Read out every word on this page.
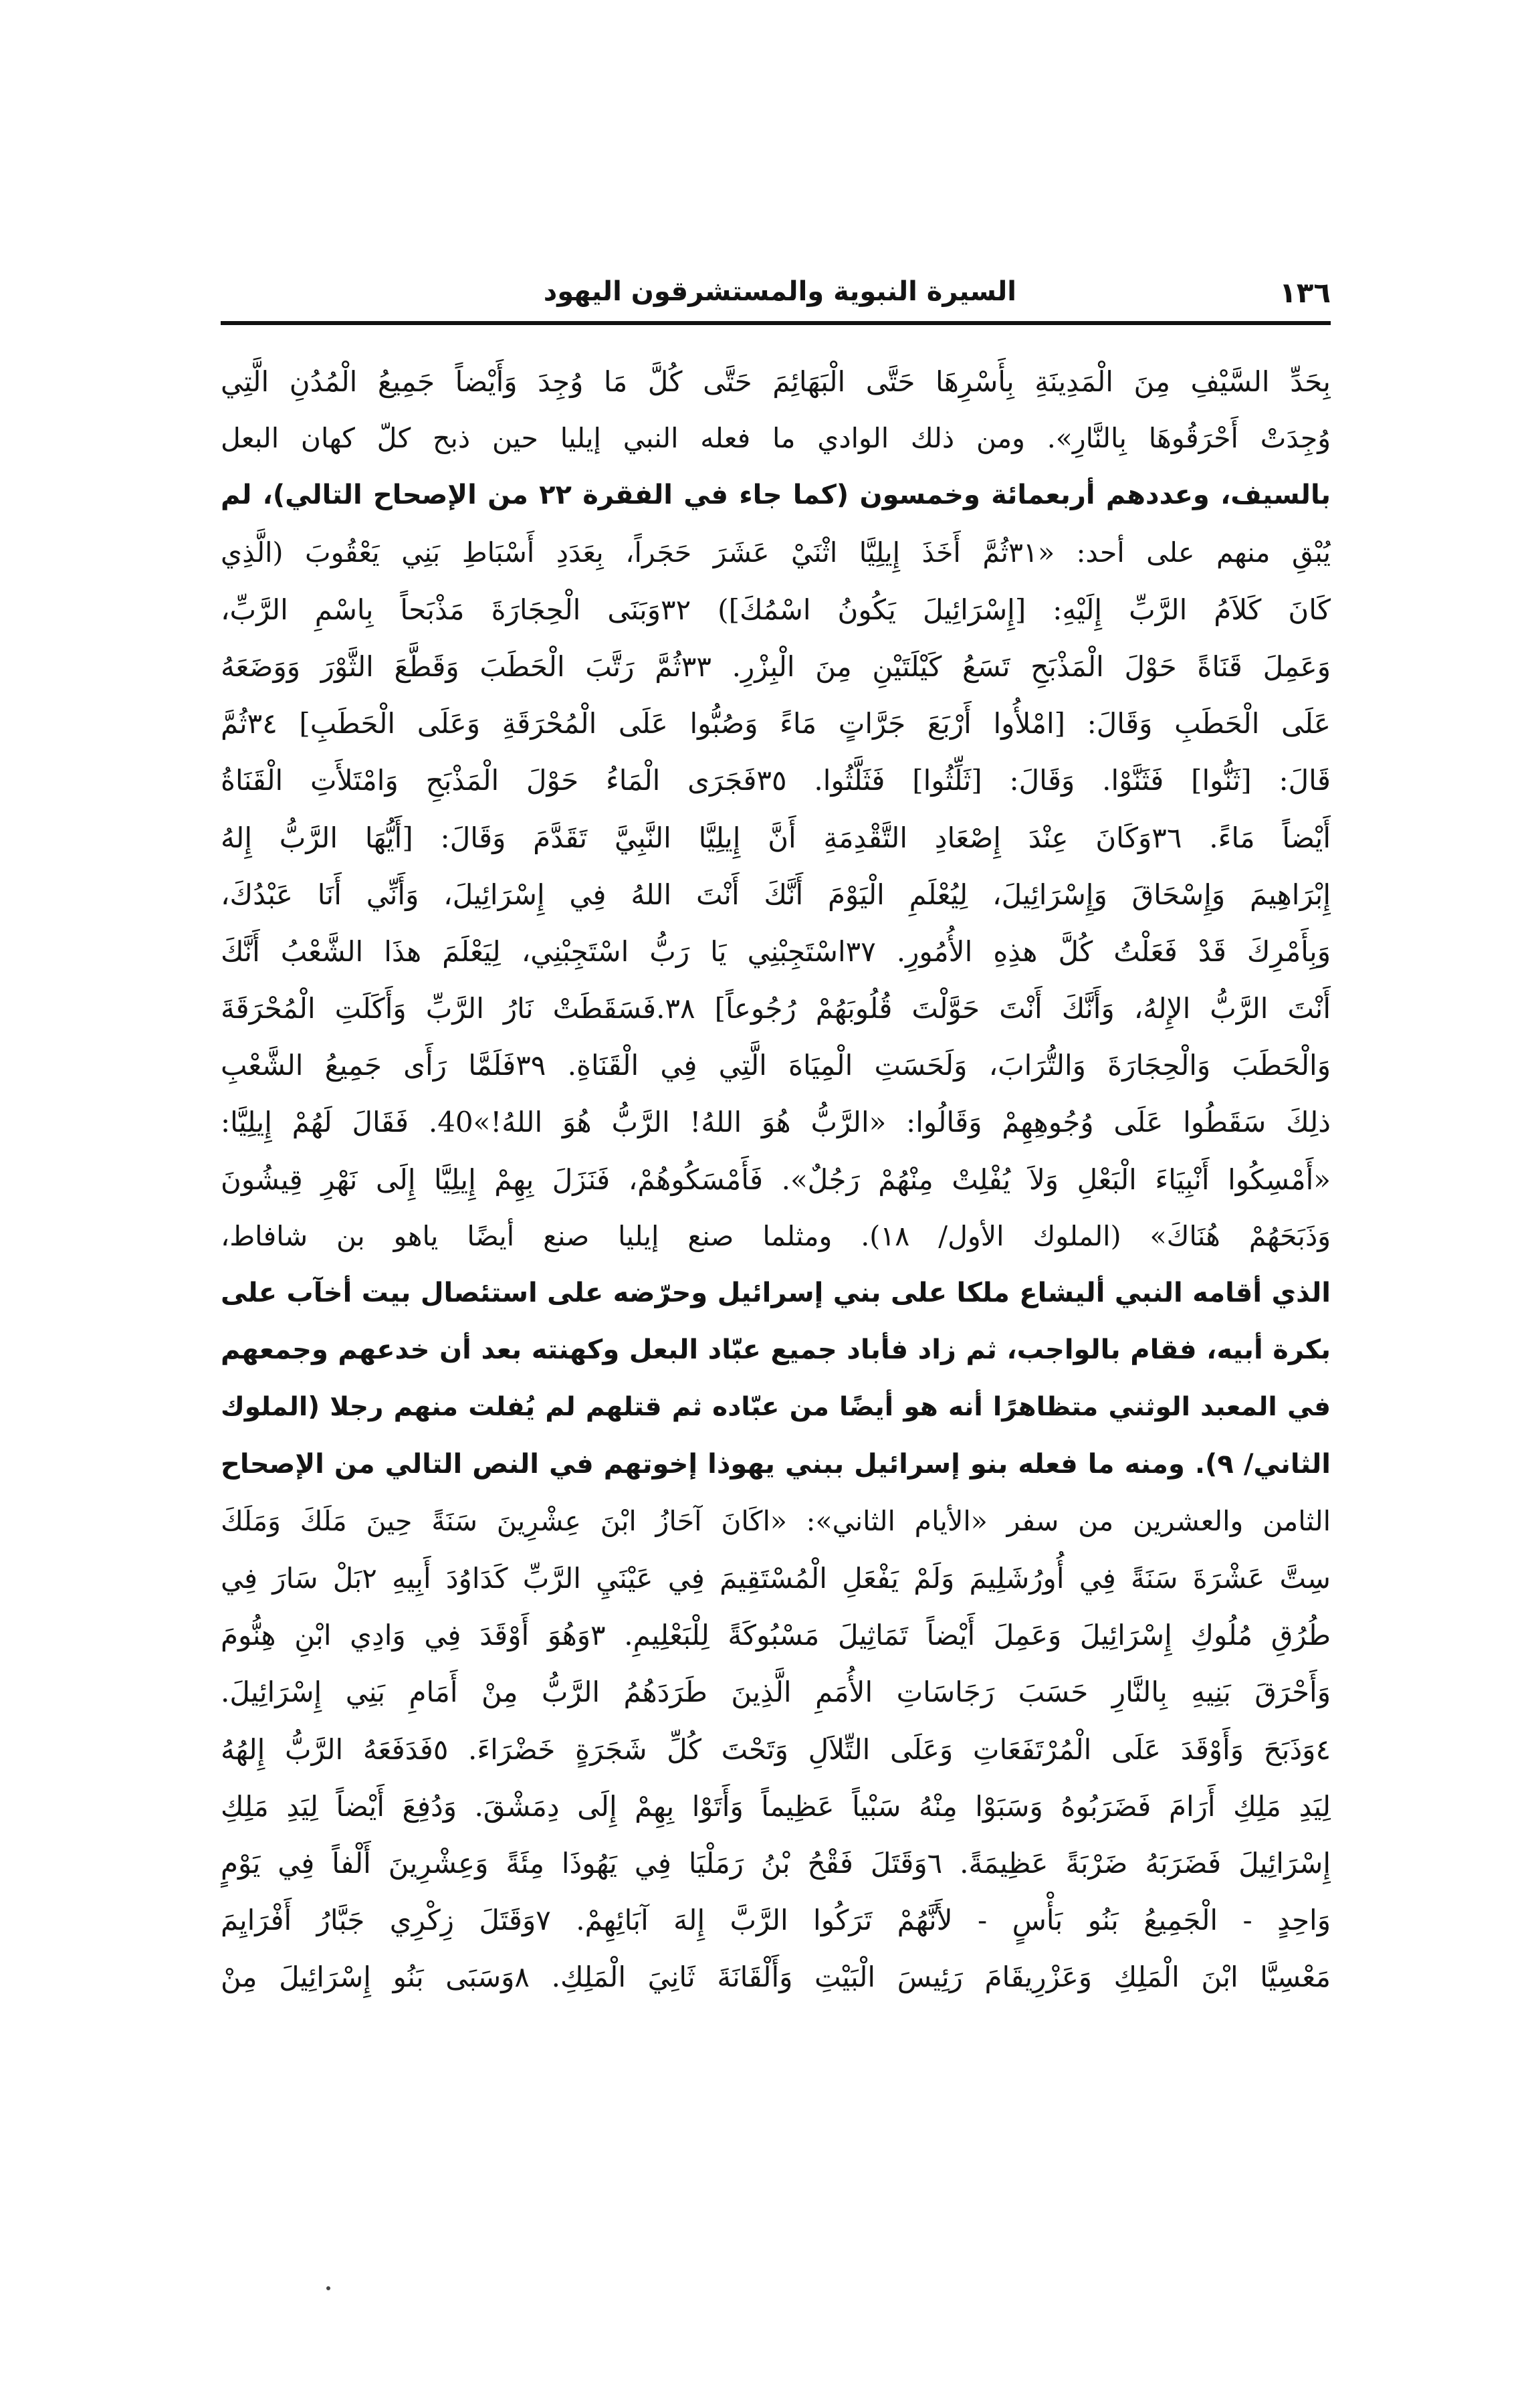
١٣٦
السيرة النبوية والمستشرقون اليهود
بِحَدِّ السَّيْفِ مِنَ الْمَدِينَةِ بِأَسْرِهَا حَتَّى الْبَهَائِمَ حَتَّى كُلَّ مَا وُجِدَ وَأَيْضاً جَمِيعُ الْمُدُنِ الَّتِي
وُجِدَتْ أَحْرَقُوهَا بِالنَّارِ». ومن ذلك الوادي ما فعله النبي إيليا حين ذبح كلّ كهان البعل
بالسيف، وعددهم أربعمائة وخمسون (كما جاء في الفقرة ٢٢ من الإصحاح التالي)، لم
يُبْقِ منهم على أحد: «٣١ثُمَّ أَخَذَ إِيلِيَّا اثْنَيْ عَشَرَ حَجَراً، بِعَدَدِ أَسْبَاطِ بَنِي يَعْقُوبَ (الَّذِي
كَانَ كَلاَمُ الرَّبِّ إِلَيْهِ: [إِسْرَائِيلَ يَكُونُ اسْمُكَ]) ٣٢وَبَنَى الْحِجَارَةَ مَذْبَحاً بِاسْمِ الرَّبِّ،
وَعَمِلَ قَنَاةً حَوْلَ الْمَذْبَحِ تَسَعُ كَيْلَتَيْنِ مِنَ الْبِزْرِ. ٣٣ثُمَّ رَتَّبَ الْحَطَبَ وَقَطَّعَ الثَّوْرَ وَوَضَعَهُ
عَلَى الْحَطَبِ وَقَالَ: [امْلأُوا أَرْبَعَ جَرَّاتٍ مَاءً وَصُبُّوا عَلَى الْمُحْرَقَةِ وَعَلَى الْحَطَبِ] ٣٤ثُمَّ
قَالَ: [ثَنُّوا] فَثَنَّوْا. وَقَالَ: [ثَلِّثُوا] فَثَلَّثُوا. ٣٥فَجَرَى الْمَاءُ حَوْلَ الْمَذْبَحِ وَامْتَلأَتِ الْقَنَاةُ
أَيْضاً مَاءً. ٣٦وَكَانَ عِنْدَ إِصْعَادِ التَّقْدِمَةِ أَنَّ إِيلِيَّا النَّبِيَّ تَقَدَّمَ وَقَالَ: [أَيُّهَا الرَّبُّ إِلهُ
إِبْرَاهِيمَ وَإِسْحَاقَ وَإِسْرَائِيلَ، لِيُعْلَمِ الْيَوْمَ أَنَّكَ أَنْتَ اللهُ فِي إِسْرَائِيلَ، وَأَنِّي أَنَا عَبْدُكَ،
وَبِأَمْرِكَ قَدْ فَعَلْتُ كُلَّ هذِهِ الأُمُورِ. ٣٧اسْتَجِبْنِي يَا رَبُّ اسْتَجِبْنِي، لِيَعْلَمَ هذَا الشَّعْبُ أَنَّكَ
أَنْتَ الرَّبُّ الإِلهُ، وَأَنَّكَ أَنْتَ حَوَّلْتَ قُلُوبَهُمْ رُجُوعاً] ٣٨.فَسَقَطَتْ نَارُ الرَّبِّ وَأَكَلَتِ الْمُحْرَقَةَ
وَالْحَطَبَ وَالْحِجَارَةَ وَالتُّرَابَ، وَلَحَسَتِ الْمِيَاهَ الَّتِي فِي الْقَنَاةِ. ٣٩فَلَمَّا رَأَى جَمِيعُ الشَّعْبِ
ذلِكَ سَقَطُوا عَلَى وُجُوهِهِمْ وَقَالُوا: «الرَّبُّ هُوَ اللهُ! الرَّبُّ هُوَ اللهُ!»40. فَقَالَ لَهُمْ إِيلِيَّا:
«أَمْسِكُوا أَنْبِيَاءَ الْبَعْلِ وَلاَ يُفْلِتْ مِنْهُمْ رَجُلٌ». فَأَمْسَكُوهُمْ، فَنَزَلَ بِهِمْ إِيلِيَّا إِلَى نَهْرِ قِيشُونَ
وَذَبَحَهُمْ هُنَاكَ» (الملوك الأول/ ١٨). ومثلما صنع إيليا صنع أيضًا ياهو بن شافاط،
الذي أقامه النبي أليشاع ملكا على بني إسرائيل وحرّضه على استئصال بيت أخآب على
بكرة أبيه، فقام بالواجب، ثم زاد فأباد جميع عبّاد البعل وكهنته بعد أن خدعهم وجمعهم
في المعبد الوثني متظاهرًا أنه هو أيضًا من عبّاده ثم قتلهم لم يُفلت منهم رجلا (الملوك
الثاني/ ٩). ومنه ما فعله بنو إسرائيل ببني يهوذا إخوتهم في النص التالي من الإصحاح
الثامن والعشرين من سفر «الأيام الثاني»: «اكَانَ آحَازُ ابْنَ عِشْرِينَ سَنَةً حِينَ مَلَكَ وَمَلَكَ
سِتَّ عَشْرَةَ سَنَةً فِي أُورُشَلِيمَ وَلَمْ يَفْعَلِ الْمُسْتَقِيمَ فِي عَيْنَيِ الرَّبِّ كَدَاوُدَ أَبِيهِ ٢بَلْ سَارَ فِي
طُرُقِ مُلُوكِ إِسْرَائِيلَ وَعَمِلَ أَيْضاً تَمَاثِيلَ مَسْبُوكَةً لِلْبَعْلِيمِ. ٣وَهُوَ أَوْقَدَ فِي وَادِي ابْنِ هِنُّومَ
وَأَحْرَقَ بَنِيهِ بِالنَّارِ حَسَبَ رَجَاسَاتِ الأُمَمِ الَّذِينَ طَرَدَهُمُ الرَّبُّ مِنْ أَمَامِ بَنِي إِسْرَائِيلَ.
٤وَذَبَحَ وَأَوْقَدَ عَلَى الْمُرْتَفَعَاتِ وَعَلَى التِّلاَلِ وَتَحْتَ كُلِّ شَجَرَةٍ خَضْرَاءَ. ٥فَدَفَعَهُ الرَّبُّ إِلهُهُ
لِيَدِ مَلِكِ أَرَامَ فَضَرَبُوهُ وَسَبَوْا مِنْهُ سَبْياً عَظِيماً وَأَتَوْا بِهِمْ إِلَى دِمَشْقَ. وَدُفِعَ أَيْضاً لِيَدِ مَلِكِ
إِسْرَائِيلَ فَضَرَبَهُ ضَرْبَةً عَظِيمَةً. ٦وَقَتَلَ فَقْحُ بْنُ رَمَلْيَا فِي يَهُوذَا مِئَةً وَعِشْرِينَ أَلْفاً فِي يَوْمٍ
وَاحِدٍ - الْجَمِيعُ بَنُو بَأْسٍ - لأَنَّهُمْ تَرَكُوا الرَّبَّ إِلهَ آبَائِهِمْ. ٧وَقَتَلَ زِكْرِي جَبَّارُ أَفْرَايِمَ
مَعْسِيَّا ابْنَ الْمَلِكِ وَعَزْرِيقَامَ رَئِيسَ الْبَيْتِ وَأَلْقَانَةَ ثَانِيَ الْمَلِكِ. ٨وَسَبَى بَنُو إِسْرَائِيلَ مِنْ
